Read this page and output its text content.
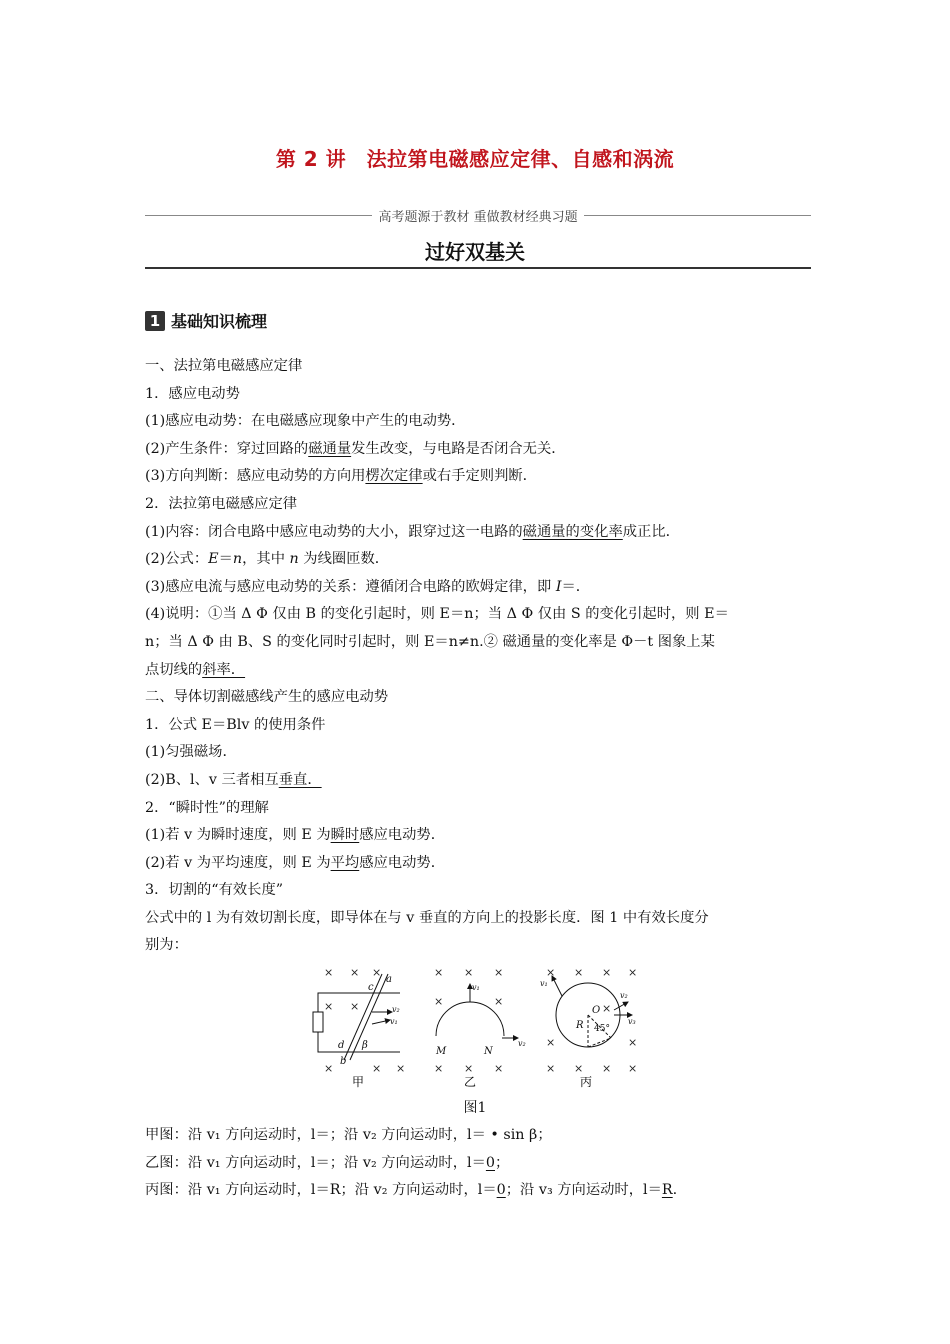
第 2 讲　法拉第电磁感应定律、自感和涡流
高考题源于教材 重做教材经典习题
过好双基关
1 基础知识梳理
一、法拉第电磁感应定律
1．感应电动势
(1)感应电动势：在电磁感应现象中产生的电动势．
(2)产生条件：穿过回路的磁通量发生改变，与电路是否闭合无关．
(3)方向判断：感应电动势的方向用楞次定律或右手定则判断．
2．法拉第电磁感应定律
(1)内容：闭合电路中感应电动势的大小，跟穿过这一电路的磁通量的变化率成正比．
(2)公式：E＝n，其中 n 为线圈匝数．
(3)感应电流与感应电动势的关系：遵循闭合电路的欧姆定律，即 I＝．
(4)说明：①当 Δ Φ 仅由 B 的变化引起时，则 E＝n；当 Δ Φ 仅由 S 的变化引起时，则 E＝
n；当 Δ Φ 由 B、S 的变化同时引起时，则 E＝n≠n.② 磁通量的变化率是 Φ－t 图象上某
点切线的斜率．
二、导体切割磁感线产生的感应电动势
1．公式 E＝Blv 的使用条件
(1)匀强磁场．
(2)B、l、v 三者相互垂直．
2．“瞬时性”的理解
(1)若 v 为瞬时速度，则 E 为瞬时感应电动势．
(2)若 v 为平均速度，则 E 为平均感应电动势．
3．切割的“有效长度”
公式中的 l 为有效切割长度，即导体在与 v 垂直的方向上的投影长度．图 1 中有效长度分
别为：
× × ×
× ×
×	× ×
× × ×
×	×
× × ×
× × × ×
×
×	×
× × × ×
a
c
d
b
β
v₂
v₁
甲
v₁
v₂
M	N
乙
v₁
v₂
v₃
O
R 45°
丙
图1
甲图：沿 v₁ 方向运动时，l＝；沿 v₂ 方向运动时，l＝ • sin β；
乙图：沿 v₁ 方向运动时，l＝；沿 v₂ 方向运动时，l＝0；
丙图：沿 v₁ 方向运动时，l＝R；沿 v₂ 方向运动时，l＝0；沿 v₃ 方向运动时，l＝R.
